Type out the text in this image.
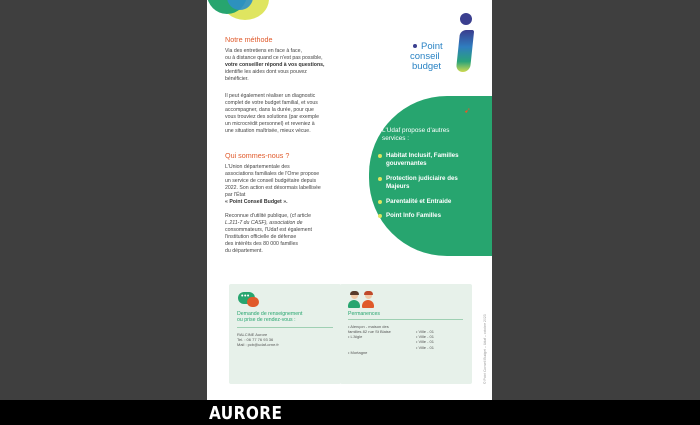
Point
conseil
budget
Notre méthode
Via des entretiens en face à face,
ou à distance quand ce n'est pas possible,
votre conseiller répond à vos questions,
identifie les aides dont vous pouvez
bénéficier.
Il peut également réaliser un diagnostic
complet de votre budget familial, et vous
accompagner, dans la durée, pour que
vous trouviez des solutions (par exemple
un microcrédit personnel) et reveniez à
une situation maîtrisée, mieux vécue.
Qui sommes-nous ?
L'Union départementale des
associations familiales de l'Orne propose
un service de conseil budgétaire depuis
2022. Son action est désormais labellisée
par l'État
« Point Conseil Budget ».
Reconnue d'utilité publique, (cf article
L.211-7 du CASF), association de
consommateurs, l'Udaf est également
l'institution officielle de défense
des intérêts des 80 000 familles
du département.
➹
L'Udaf propose d'autres
services :
Habitat Inclusif, Familles
gouvernantes
Protection judiciaire des
Majeurs
Parentalité et Entraide
Point Info Familles
•••
Demande de renseignement
ou prise de rendez-vous :
RALCINE Aurore
Tel. : 06 77 76 93 36
Mail : pcb@udaf-orne.fr
Permanences
• Alençon - maison des
familles 82 rue St Blaise
• L'Aigle

• Mortagne
• Ville - 01
• Ville - 01
• Ville - 01
• Ville - 01	© Point Conseil Budget – Udaf – octobre 2023
AURORE
